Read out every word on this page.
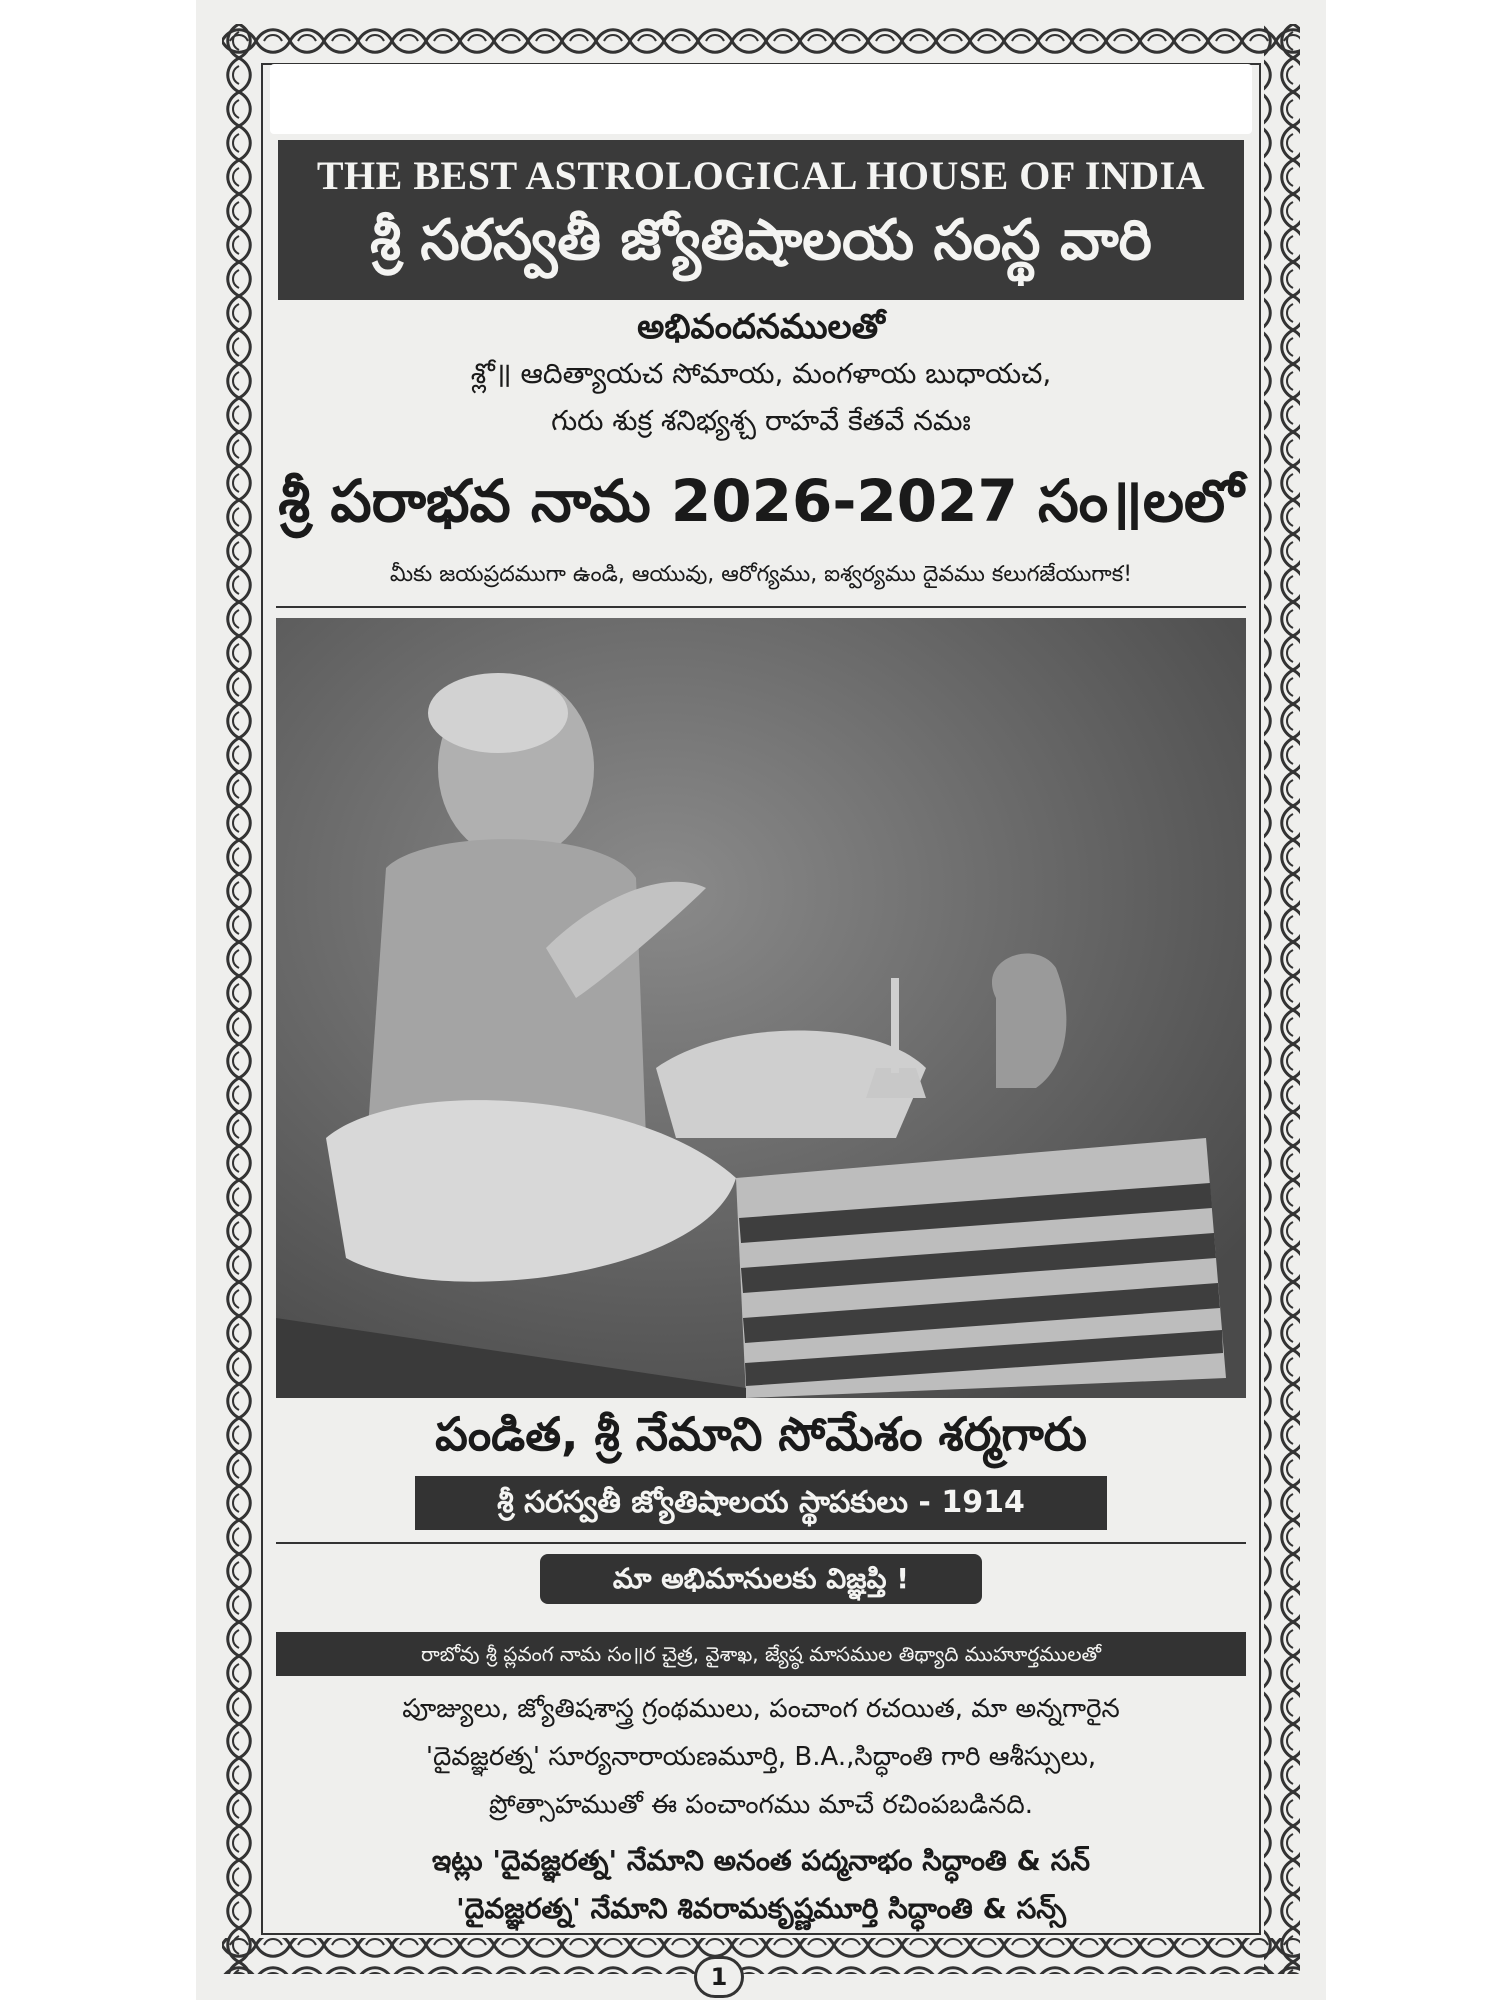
THE BEST ASTROLOGICAL HOUSE OF INDIA
శ్రీ సరస్వతీ జ్యోతిషాలయ సంస్థ వారి
అభివందనములతో
శ్లో॥ ఆదిత్యాయచ సోమాయ, మంగళాయ బుధాయచ,
గురు శుక్ర శనిభ్యశ్చ రాహవే కేతవే నమః
శ్రీ పరాభవ నామ 2026-2027 సం॥లలో
మీకు జయప్రదముగా ఉండి, ఆయువు, ఆరోగ్యము, ఐశ్వర్యము దైవము కలుగజేయుగాక!
పండిత, శ్రీ నేమాని సోమేశం శర్మగారు
శ్రీ సరస్వతీ జ్యోతిషాలయ స్థాపకులు - 1914
మా అభిమానులకు విజ్ఞప్తి !
రాబోవు శ్రీ ప్లవంగ నామ సం॥ర చైత్ర, వైశాఖ, జ్యేష్ఠ మాసముల తిథ్యాది ముహూర్తములతో
పూజ్యులు, జ్యోతిషశాస్త్ర గ్రంథములు, పంచాంగ రచయిత, మా అన్నగారైన
'దైవజ్ఞరత్న' సూర్యనారాయణమూర్తి, B.A.,సిద్ధాంతి గారి ఆశీస్సులు,
ప్రోత్సాహముతో ఈ పంచాంగము మాచే రచింపబడినది.
ఇట్లు 'దైవజ్ఞరత్న' నేమాని అనంత పద్మనాభం సిద్ధాంతి & సన్
'దైవజ్ఞరత్న' నేమాని శివరామకృష్ణమూర్తి సిద్ధాంతి & సన్స్
1
